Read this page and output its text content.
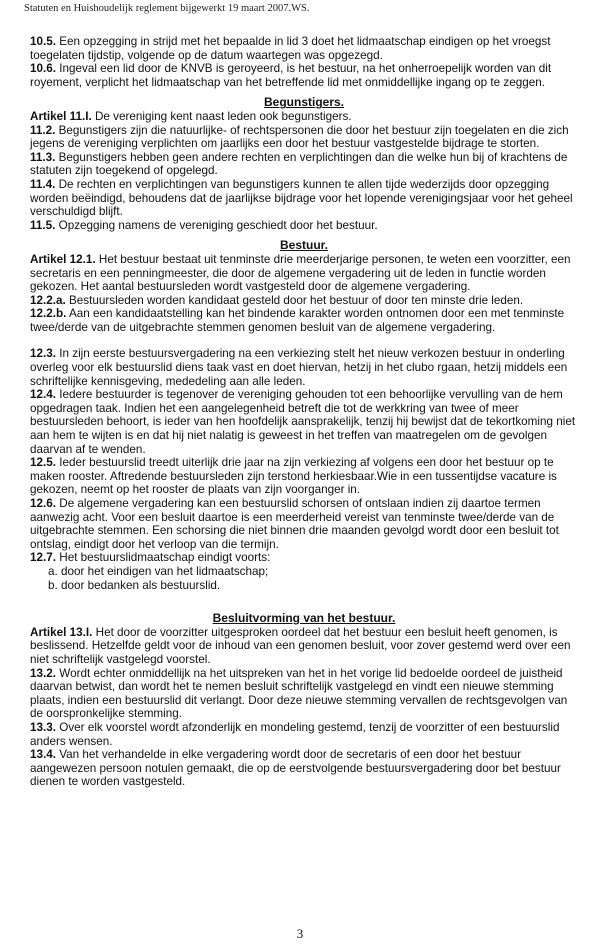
Statuten en Huishoudelijk reglement bijgewerkt 19 maart 2007.WS.
10.5. Een opzegging in strijd met het bepaalde in lid 3 doet het lidmaatschap eindigen op het vroegst toegelaten tijdstip, volgende op de datum waartegen was opgezegd.
10.6. Ingeval een lid door de KNVB is geroyeerd, is het bestuur, na het onherroepelijk worden van dit royement, verplicht het lidmaatschap van het betreffende lid met onmiddellijke ingang op te zeggen.
Begunstigers.
Artikel 11.I. De vereniging kent naast leden ook begunstigers.
11.2. Begunstigers zijn die natuurlijke- of rechtspersonen die door het bestuur zijn toegelaten en die zich jegens de vereniging verplichten om jaarlijks een door het bestuur vastgestelde bijdrage te storten.
11.3. Begunstigers hebben geen andere rechten en verplichtingen dan die welke hun bij of krachtens de statuten zijn toegekend of opgelegd.
11.4. De rechten en verplichtingen van begunstigers kunnen te allen tijde wederzijds door opzegging worden beëindigd, behoudens dat de jaarlijkse bijdrage voor het lopende verenigingsjaar voor het geheel verschuldigd blijft.
11.5. Opzegging namens de vereniging geschiedt door het bestuur.
Bestuur.
Artikel 12.1. Het bestuur bestaat uit tenminste drie meerderjarige personen, te weten een voorzitter, een secretaris en een penningmeester, die door de algemene vergadering uit de leden in functie worden gekozen. Het aantal bestuursleden wordt vastgesteld door de algemene vergadering.
12.2.a. Bestuursleden worden kandidaat gesteld door het bestuur of door ten minste drie leden.
12.2.b. Aan een kandidaatstelling kan het bindende karakter worden ontnomen door een met tenminste twee/derde van de uitgebrachte stemmen genomen besluit van de algemene vergadering.
12.3. In zijn eerste bestuursvergadering na een verkiezing stelt het nieuw verkozen bestuur in onderling overleg voor elk bestuurslid diens taak vast en doet hiervan, hetzij in het clubo rgaan, hetzij middels een schriftelijke kennisgeving, mededeling aan alle leden.
12.4. Iedere bestuurder is tegenover de vereniging gehouden tot een behoorlijke vervulling van de hem opgedragen taak. Indien het een aangelegenheid betreft die tot de werkkring van twee of meer bestuursleden behoort, is ieder van hen hoofdelijk aansprakelijk, tenzij hij bewijst dat de tekortkoming niet aan hem te wijten is en dat hij niet nalatig is geweest in het treffen van maatregelen om de gevolgen daarvan af te wenden.
12.5. Ieder bestuurslid treedt uiterlijk drie jaar na zijn verkiezing af volgens een door het bestuur op te maken rooster. Aftredende bestuursleden zijn terstond herkiesbaar.Wie in een tussentijdse vacature is gekozen, neemt op het rooster de plaats van zijn voorganger in.
12.6. De algemene vergadering kan een bestuurslid schorsen of ontslaan indien zij daartoe termen aanwezig acht. Voor een besluit daartoe is een meerderheid vereist van tenminste twee/derde van de uitgebrachte stemmen. Een schorsing die niet binnen drie maanden gevolgd wordt door een besluit tot ontslag, eindigt door het verloop van die termijn.
12.7. Het bestuurslidmaatschap eindigt voorts:
a. door het eindigen van het lidmaatschap;
b. door bedanken als bestuurslid.
Besluitvorming van het bestuur.
Artikel 13.I. Het door de voorzitter uitgesproken oordeel dat het bestuur een besluit heeft genomen, is beslissend. Hetzelfde geldt voor de inhoud van een genomen besluit, voor zover gestemd werd over een niet schriftelijk vastgelegd voorstel.
13.2. Wordt echter onmiddellijk na het uitspreken van het in het vorige lid bedoelde oordeel de juistheid daarvan betwist, dan wordt het te nemen besluit schriftelijk vastgelegd en vindt een nieuwe stemming plaats, indien een bestuurslid dit verlangt. Door deze nieuwe stemming vervallen de rechtsgevolgen van de oorspronkelijke stemming.
13.3. Over elk voorstel wordt afzonderlijk en mondeling gestemd, tenzij de voorzitter of een bestuurslid anders wensen.
13.4. Van het verhandelde in elke vergadering wordt door de secretaris of een door het bestuur aangewezen persoon notulen gemaakt, die op de eerstvolgende bestuursvergadering door bet bestuur dienen te worden vastgesteld.
3
